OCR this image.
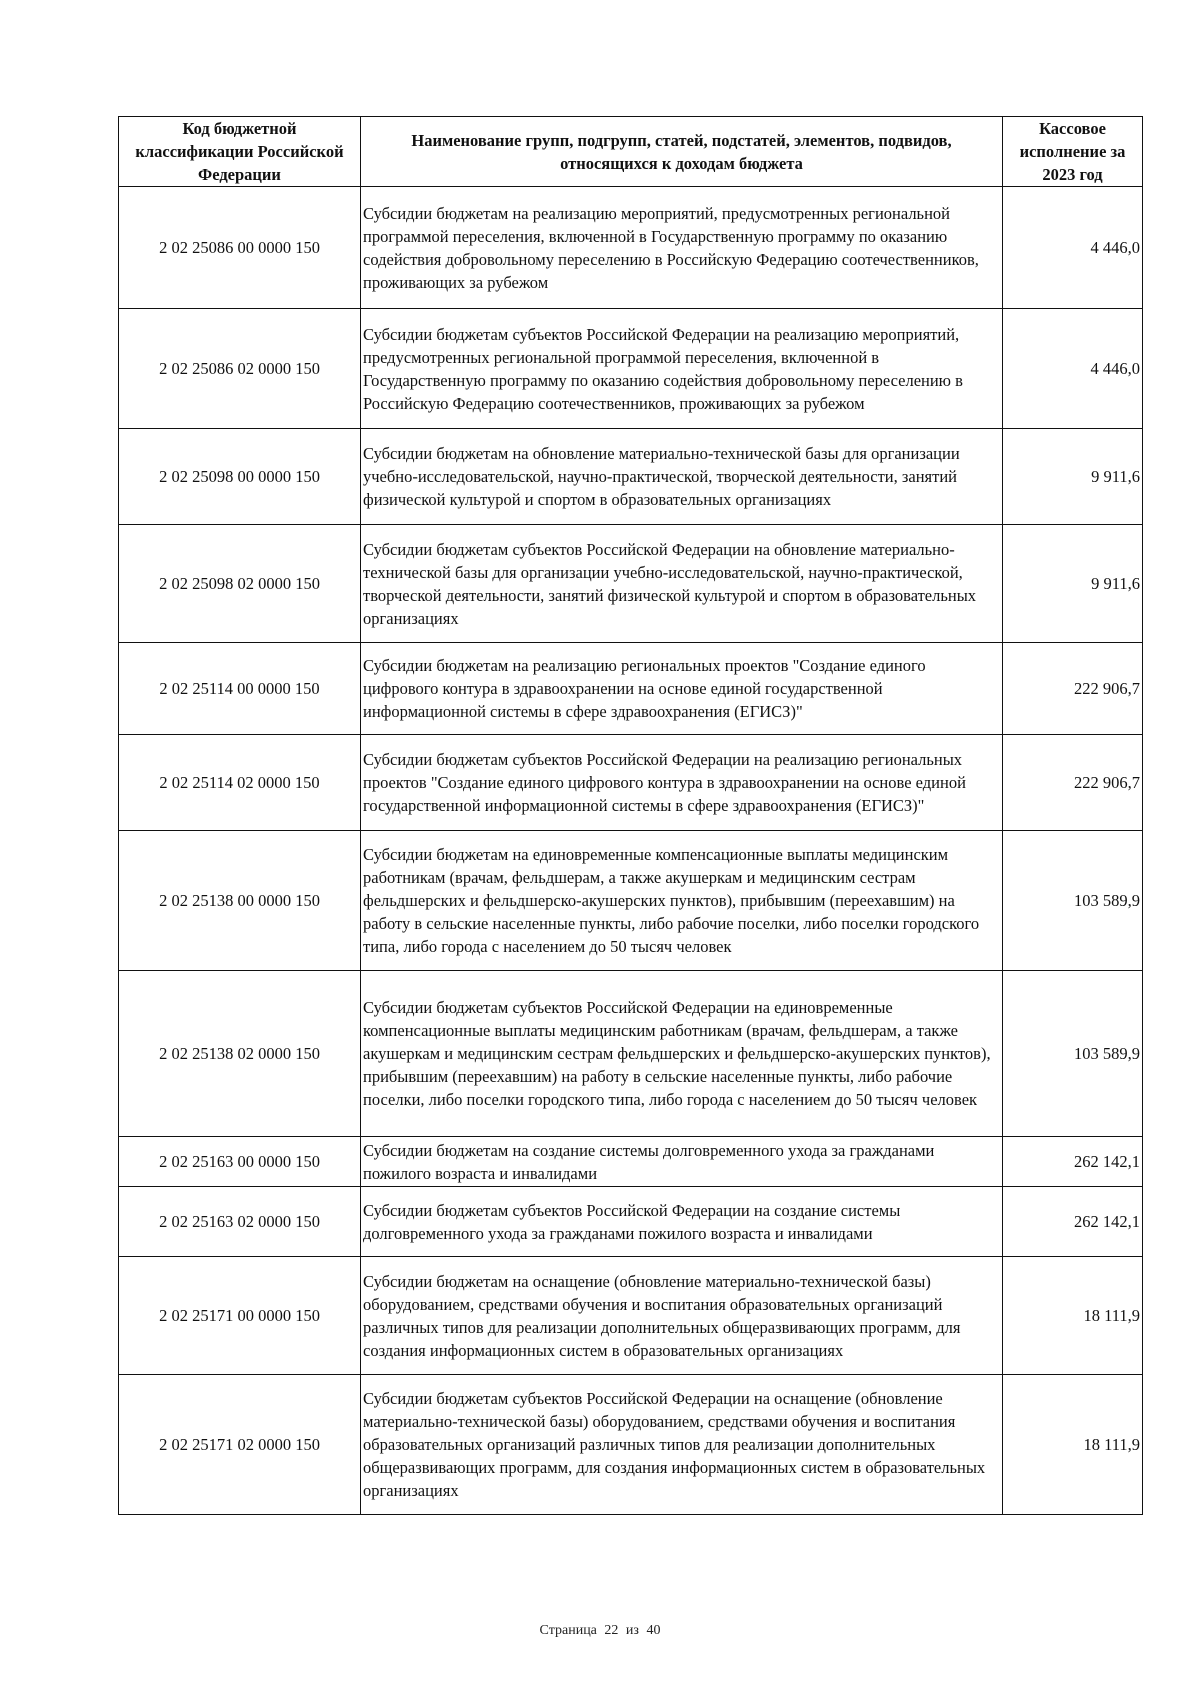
Код бюджетной классификации Российской Федерации	Наименование групп, подгрупп, статей, подстатей, элементов, подвидов, относящихся к доходам бюджета	Кассовое исполнение за 2023 год
2 02 25086 00 0000 150	Субсидии бюджетам на реализацию мероприятий, предусмотренных региональной программой переселения, включенной в Государственную программу по оказанию содействия добровольному переселению в Российскую Федерацию соотечественников, проживающих за рубежом	4 446,0
2 02 25086 02 0000 150	Субсидии бюджетам субъектов Российской Федерации на реализацию мероприятий, предусмотренных региональной программой переселения, включенной в Государственную программу по оказанию содействия добровольному переселению в Российскую Федерацию соотечественников, проживающих за рубежом	4 446,0
2 02 25098 00 0000 150	Субсидии бюджетам на обновление материально-технической базы для организации учебно-исследовательской, научно-практической, творческой деятельности, занятий физической культурой и спортом в образовательных организациях	9 911,6
2 02 25098 02 0000 150	Субсидии бюджетам субъектов Российской Федерации на обновление материально-технической базы для организации учебно-исследовательской, научно-практической, творческой деятельности, занятий физической культурой и спортом в образовательных организациях	9 911,6
2 02 25114 00 0000 150	Субсидии бюджетам на реализацию региональных проектов "Создание единого цифрового контура в здравоохранении на основе единой государственной информационной системы в сфере здравоохранения (ЕГИСЗ)"	222 906,7
2 02 25114 02 0000 150	Субсидии бюджетам субъектов Российской Федерации на реализацию региональных проектов "Создание единого цифрового контура в здравоохранении на основе единой государственной информационной системы в сфере здравоохранения (ЕГИСЗ)"	222 906,7
2 02 25138 00 0000 150	Субсидии бюджетам на единовременные компенсационные выплаты медицинским работникам (врачам, фельдшерам, а также акушеркам и медицинским сестрам фельдшерских и фельдшерско-акушерских пунктов), прибывшим (переехавшим) на работу в сельские населенные пункты, либо рабочие поселки, либо поселки городского типа, либо города с населением до 50 тысяч человек	103 589,9
2 02 25138 02 0000 150	Субсидии бюджетам субъектов Российской Федерации на единовременные компенсационные выплаты медицинским работникам (врачам, фельдшерам, а также акушеркам и медицинским сестрам фельдшерских и фельдшерско-акушерских пунктов), прибывшим (переехавшим) на работу в сельские населенные пункты, либо рабочие поселки, либо поселки городского типа, либо города с населением до 50 тысяч человек	103 589,9
2 02 25163 00 0000 150	Субсидии бюджетам на создание системы долговременного ухода за гражданами пожилого возраста и инвалидами	262 142,1
2 02 25163 02 0000 150	Субсидии бюджетам субъектов Российской Федерации на создание системы долговременного ухода за гражданами пожилого возраста и инвалидами	262 142,1
2 02 25171 00 0000 150	Субсидии бюджетам на оснащение (обновление материально-технической базы) оборудованием, средствами обучения и воспитания образовательных организаций различных типов для реализации дополнительных общеразвивающих программ, для создания информационных систем в образовательных организациях	18 111,9
2 02 25171 02 0000 150	Субсидии бюджетам субъектов Российской Федерации на оснащение (обновление материально-технической базы) оборудованием, средствами обучения и воспитания образовательных организаций различных типов для реализации дополнительных общеразвивающих программ, для создания информационных систем в образовательных организациях	18 111,9
Страница 22 из 40
